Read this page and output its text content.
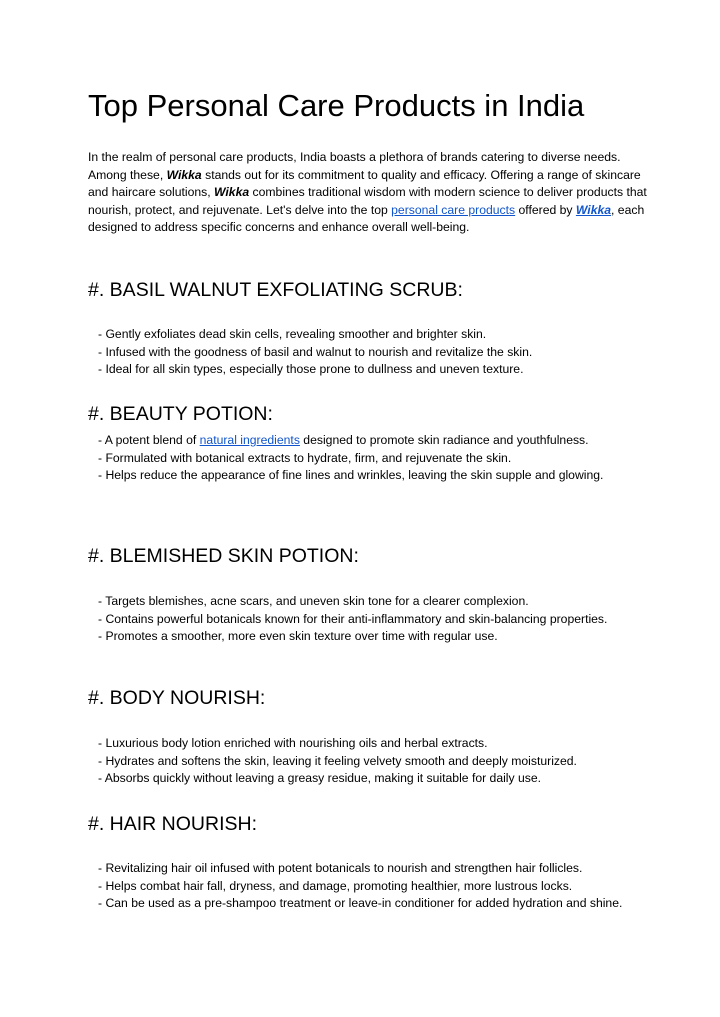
Top Personal Care Products in India

In the realm of personal care products, India boasts a plethora of brands catering to diverse needs. Among these, Wikka stands out for its commitment to quality and efficacy. Offering a range of skincare and haircare solutions, Wikka combines traditional wisdom with modern science to deliver products that nourish, protect, and rejuvenate. Let's delve into the top personal care products offered by Wikka, each designed to address specific concerns and enhance overall well-being.

#. BASIL WALNUT EXFOLIATING SCRUB:

- Gently exfoliates dead skin cells, revealing smoother and brighter skin.

- Infused with the goodness of basil and walnut to nourish and revitalize the skin.

- Ideal for all skin types, especially those prone to dullness and uneven texture.

#. BEAUTY POTION:

- A potent blend of natural ingredients designed to promote skin radiance and youthfulness.

- Formulated with botanical extracts to hydrate, firm, and rejuvenate the skin.

- Helps reduce the appearance of fine lines and wrinkles, leaving the skin supple and glowing.

#. BLEMISHED SKIN POTION:

- Targets blemishes, acne scars, and uneven skin tone for a clearer complexion.

- Contains powerful botanicals known for their anti-inflammatory and skin-balancing properties.

- Promotes a smoother, more even skin texture over time with regular use.

#. BODY NOURISH:

- Luxurious body lotion enriched with nourishing oils and herbal extracts.

- Hydrates and softens the skin, leaving it feeling velvety smooth and deeply moisturized.

- Absorbs quickly without leaving a greasy residue, making it suitable for daily use.

#. HAIR NOURISH:

- Revitalizing hair oil infused with potent botanicals to nourish and strengthen hair follicles.

- Helps combat hair fall, dryness, and damage, promoting healthier, more lustrous locks.

- Can be used as a pre-shampoo treatment or leave-in conditioner for added hydration and shine.
